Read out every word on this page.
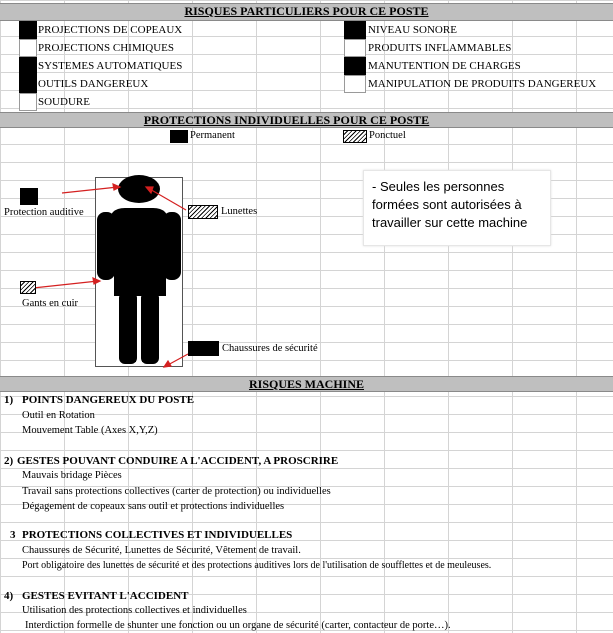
RISQUES PARTICULIERS POUR CE POSTE
PROJECTIONS DE COPEAUX
PROJECTIONS CHIMIQUES
SYSTEMES AUTOMATIQUES
OUTILS DANGEREUX
SOUDURE
NIVEAU SONORE
PRODUITS INFLAMMABLES
MANUTENTION DE CHARGES
MANIPULATION DE PRODUITS DANGEREUX
PROTECTIONS INDIVIDUELLES POUR CE POSTE
Permanent	Ponctuel
Protection auditive	Lunettes
Gants en cuir
Chaussures de sécurité
- Seules les personnes formées sont autorisées à travailler sur cette machine
RISQUES MACHINE
1) POINTS DANGEREUX DU POSTE
Outil en Rotation
Mouvement Table (Axes X,Y,Z)
2) GESTES POUVANT CONDUIRE A L'ACCIDENT, A PROSCRIRE
Mauvais bridage Pièces
Travail sans protections collectives (carter de protection) ou individuelles
Dégagement de copeaux sans outil et protections individuelles
3 PROTECTIONS COLLECTIVES ET INDIVIDUELLES
Chaussures de Sécurité, Lunettes de Sécurité, Vêtement de travail.
Port obligatoire des lunettes de sécurité et des protections auditives lors de l'utilisation de soufflettes et de meuleuses.
4) GESTES EVITANT L'ACCIDENT
Utilisation des protections collectives et individuelles
Interdiction formelle de shunter une fonction ou un organe de sécurité (carter, contacteur de porte…).
